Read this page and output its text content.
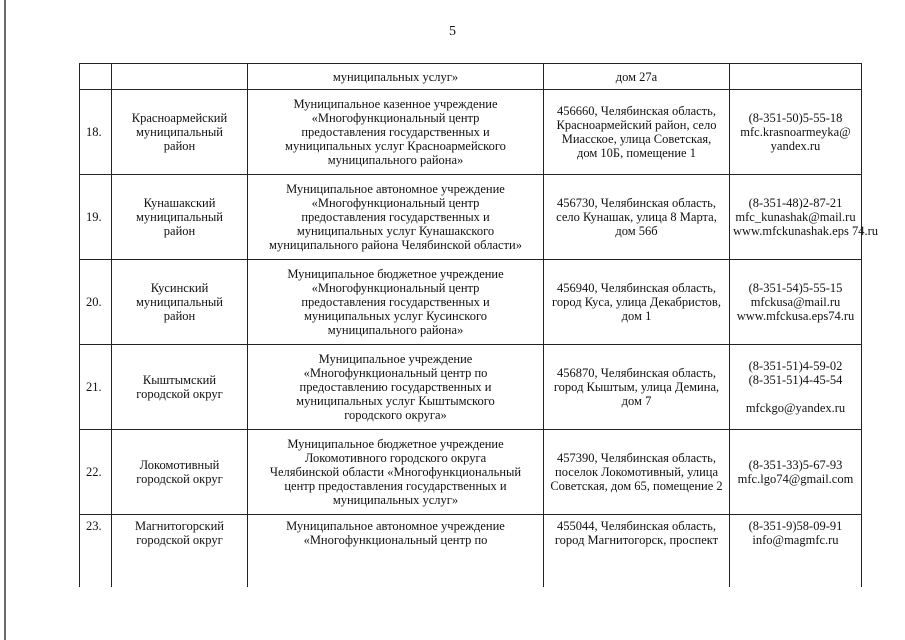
5

		муниципальных услуг»	дом 27а	

18.	Красноармейский
муниципальный
район	Муниципальное казенное учреждение
«Многофункциональный центр
предоставления государственных и
муниципальных услуг Красноармейского
муниципального района»	456660, Челябинская область,
Красноармейский район, село
Миасское, улица Советская,
дом 10Б, помещение 1	(8-351-50)5-55-18
mfc.krasnoarmeyka@
yandex.ru

19.	Кунашакский
муниципальный
район	Муниципальное автономное учреждение
«Многофункциональный центр
предоставления государственных и
муниципальных услуг Кунашакского
муниципального района Челябинской области»	456730, Челябинская область,
село Кунашак, улица 8 Марта,
дом 56б	(8-351-48)2-87-21
mfc_kunashak@mail.ru
www.mfckunashak.eps 74.ru

20.	Кусинский
муниципальный
район	Муниципальное бюджетное учреждение
«Многофункциональный центр
предоставления государственных и
муниципальных услуг Кусинского
муниципального района»	456940, Челябинская область,
город Куса, улица Декабристов,
дом 1	(8-351-54)5-55-15
mfckusa@mail.ru
www.mfckusa.eps74.ru

21.	Кыштымский
городской округ	Муниципальное учреждение
«Многофункциональный центр по
предоставлению государственных и
муниципальных услуг Кыштымского
городского округа»	456870, Челябинская область,
город Кыштым, улица Демина,
дом 7	(8-351-51)4-59-02
(8-351-51)4-45-54
mfckgo@yandex.ru

22.	Локомотивный
городской округ	Муниципальное бюджетное учреждение
Локомотивного городского округа
Челябинской области «Многофункциональный
центр предоставления государственных и
муниципальных услуг»	457390, Челябинская область,
поселок Локомотивный, улица
Советская, дом 65, помещение 2	(8-351-33)5-67-93
mfc.lgo74@gmail.com

23.	Магнитогорский
городской округ	Муниципальное автономное учреждение
«Многофункциональный центр по	455044, Челябинская область,
город Магнитогорск, проспект	(8-351-9)58-09-91
info@magmfc.ru
